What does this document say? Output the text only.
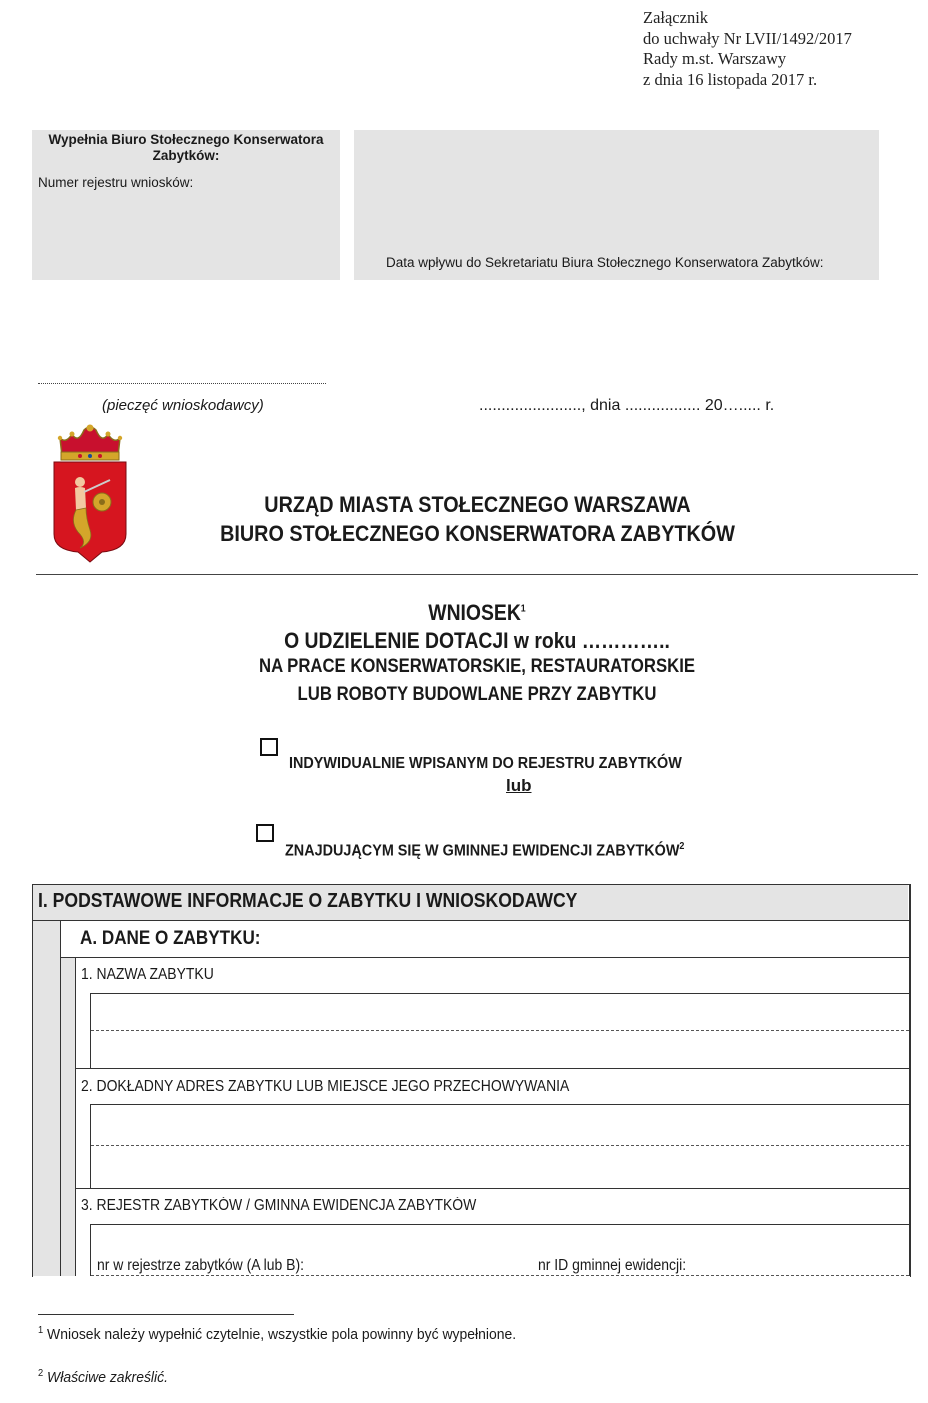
Załącznik
do uchwały Nr LVII/1492/2017
Rady m.st. Warszawy
z dnia 16 listopada 2017 r.
Wypełnia Biuro Stołecznego Konserwatora Zabytków:
Numer rejestru wniosków:
Data wpływu do Sekretariatu Biura Stołecznego Konserwatora Zabytków:
(pieczęć wnioskodawcy)	......................., dnia ................. 20…..... r.
URZĄD MIASTA STOŁECZNEGO WARSZAWA
BIURO STOŁECZNEGO KONSERWATORA ZABYTKÓW
WNIOSEK$^1$
O UDZIELENIE DOTACJI w roku …………..
NA PRACE KONSERWATORSKIE, RESTAURATORSKIE
LUB ROBOTY BUDOWLANE PRZY ZABYTKU
INDYWIDUALNIE WPISANYM DO REJESTRU ZABYTKÓW
lub
ZNAJDUJĄCYM SIĘ W GMINNEJ EWIDENCJI ZABYTKÓW$^2$
I. PODSTAWOWE INFORMACJE O ZABYTKU I WNIOSKODAWCY
A. DANE O ZABYTKU:
1. NAZWA ZABYTKU
2. DOKŁADNY ADRES ZABYTKU LUB MIEJSCE JEGO PRZECHOWYWANIA
3. REJESTR ZABYTKÓW / GMINNA EWIDENCJA ZABYTKÓW
nr w rejestrze zabytków (A lub B):	nr ID gminnej ewidencji:
$^1$ Wniosek należy wypełnić czytelnie, wszystkie pola powinny być wypełnione.
$^2$ Właściwe zakreślić.
